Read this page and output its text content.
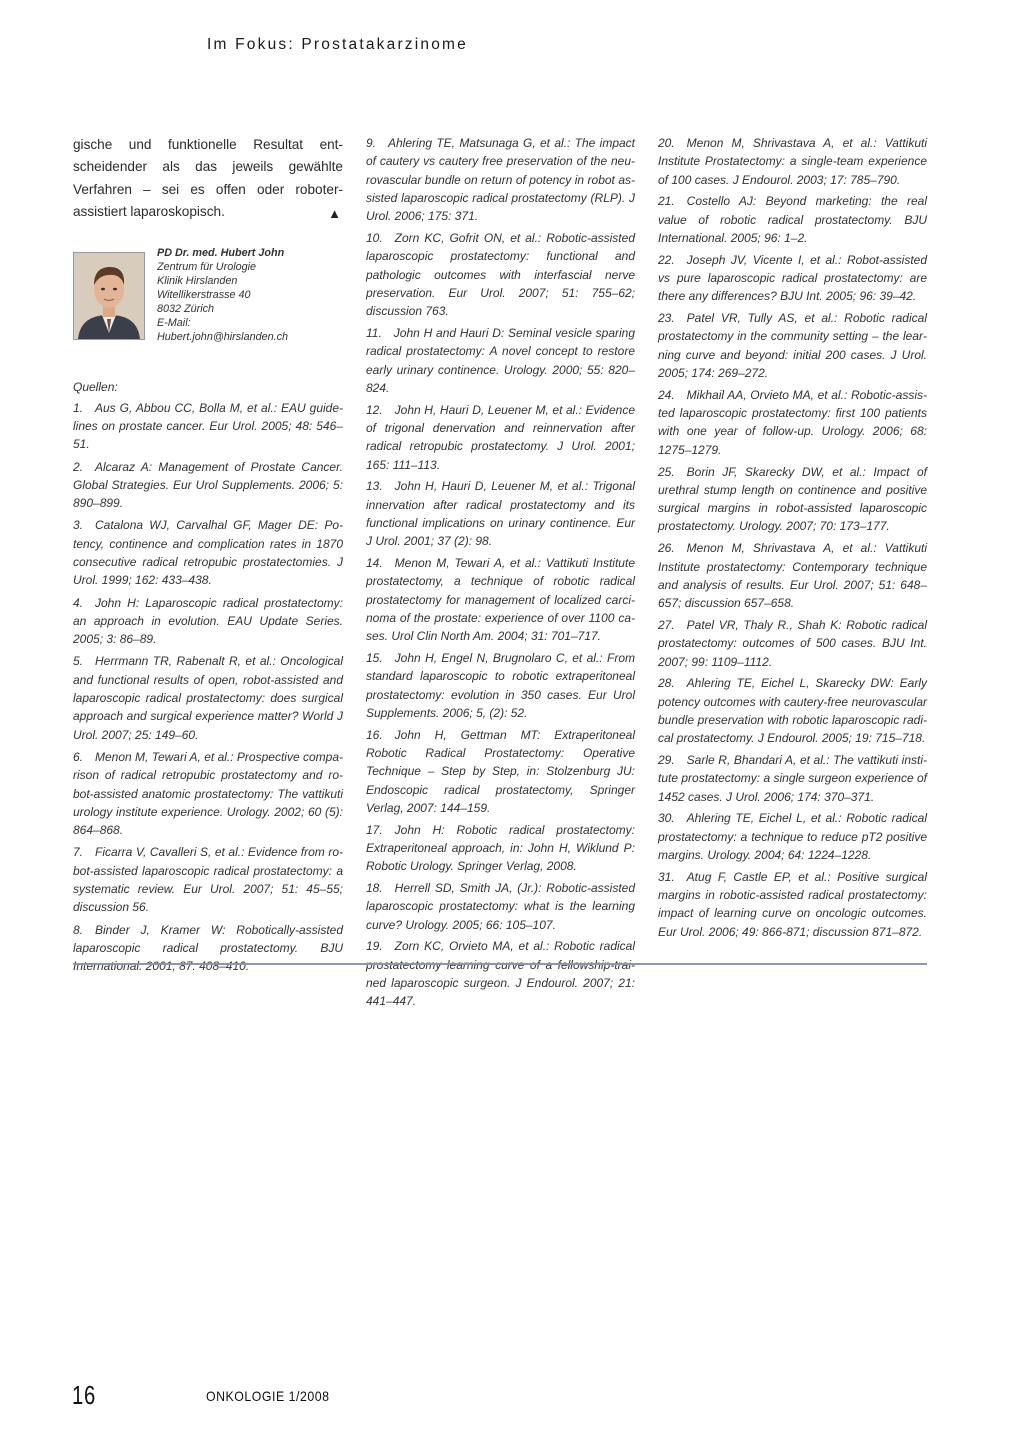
Im Fokus: Prostatakarzinome

gische und funktionelle Resultat entscheidender als das jeweils gewählte Verfahren – sei es offen oder roboter-assistiert laparoskopisch.	▲

PD Dr. med. Hubert John
Zentrum für Urologie
Klinik Hirslanden
Witellikerstrasse 40
8032 Zürich
E-Mail:
Hubert.john@hirslanden.ch
Quellen:

1. Aus G, Abbou CC, Bolla M, et al.: EAU guidelines on prostate cancer. Eur Urol. 2005; 48: 546–51.

2. Alcaraz A: Management of Prostate Cancer. Global Strategies. Eur Urol Supplements. 2006; 5: 890–899.

3. Catalona WJ, Carvalhal GF, Mager DE: Potency, continence and complication rates in 1870 consecutive radical retropubic prostatectomies. J Urol. 1999; 162: 433–438.

4. John H: Laparoscopic radical prostatectomy: an approach in evolution. EAU Update Series. 2005; 3: 86–89.

5. Herrmann TR, Rabenalt R, et al.: Oncological and functional results of open, robot-assisted and laparoscopic radical prostatectomy: does surgical approach and surgical experience matter? World J Urol. 2007; 25: 149–60.

6. Menon M, Tewari A, et al.: Prospective comparison of radical retropubic prostatectomy and robot-assisted anatomic prostatectomy: The vattikuti urology institute experience. Urology. 2002; 60 (5): 864–868.

7. Ficarra V, Cavalleri S, et al.: Evidence from robot-assisted laparoscopic radical prostatectomy: a systematic review. Eur Urol. 2007; 51: 45–55; discussion 56.

8. Binder J, Kramer W: Robotically-assisted laparoscopic radical prostatectomy. BJU International. 2001; 87: 408–410.

9. Ahlering TE, Matsunaga G, et al.: The impact of cautery vs cautery free preservation of the neurovascular bundle on return of potency in robot assisted laparoscopic radical prostatectomy (RLP). J Urol. 2006; 175: 371.

10. Zorn KC, Gofrit ON, et al.: Robotic-assisted laparoscopic prostatectomy: functional and pathologic outcomes with interfascial nerve preservation. Eur Urol. 2007; 51: 755–62; discussion 763.

11. John H and Hauri D: Seminal vesicle sparing radical prostatectomy: A novel concept to restore early urinary continence. Urology. 2000; 55: 820–824.

12. John H, Hauri D, Leuener M, et al.: Evidence of trigonal denervation and reinnervation after radical retropubic prostatectomy. J Urol. 2001; 165: 111–113.

13. John H, Hauri D, Leuener M, et al.: Trigonal innervation after radical prostatectomy and its functional implications on urinary continence. Eur J Urol. 2001; 37 (2): 98.

14. Menon M, Tewari A, et al.: Vattikuti Institute prostatectomy, a technique of robotic radical prostatectomy for management of localized carcinoma of the prostate: experience of over 1100 cases. Urol Clin North Am. 2004; 31: 701–717.

15. John H, Engel N, Brugnolaro C, et al.: From standard laparoscopic to robotic extraperitoneal prostatectomy: evolution in 350 cases. Eur Urol Supplements. 2006; 5, (2): 52.

16. John H, Gettman MT: Extraperitoneal Robotic Radical Prostatectomy: Operative Technique – Step by Step, in: Stolzenburg JU: Endoscopic radical prostatectomy, Springer Verlag, 2007: 144–159.

17. John H: Robotic radical prostatectomy: Extraperitoneal approach, in: John H, Wiklund P: Robotic Urology. Springer Verlag, 2008.

18. Herrell SD, Smith JA, (Jr.): Robotic-assisted laparoscopic prostatectomy: what is the learning curve? Urology. 2005; 66: 105–107.

19. Zorn KC, Orvieto MA, et al.: Robotic radical prostatectomy learning curve of a fellowship-trained laparoscopic surgeon. J Endourol. 2007; 21: 441–447.

20. Menon M, Shrivastava A, et al.: Vattikuti Institute Prostatectomy: a single-team experience of 100 cases. J Endourol. 2003; 17: 785–790.

21. Costello AJ: Beyond marketing: the real value of robotic radical prostatectomy. BJU International. 2005; 96: 1–2.

22. Joseph JV, Vicente I, et al.: Robot-assisted vs pure laparoscopic radical prostatectomy: are there any differences? BJU Int. 2005; 96: 39–42.

23. Patel VR, Tully AS, et al.: Robotic radical prostatectomy in the community setting – the learning curve and beyond: initial 200 cases. J Urol. 2005; 174: 269–272.

24. Mikhail AA, Orvieto MA, et al.: Robotic-assisted laparoscopic prostatectomy: first 100 patients with one year of follow-up. Urology. 2006; 68: 1275–1279.

25. Borin JF, Skarecky DW, et al.: Impact of urethral stump length on continence and positive surgical margins in robot-assisted laparoscopic prostatectomy. Urology. 2007; 70: 173–177.

26. Menon M, Shrivastava A, et al.: Vattikuti Institute prostatectomy: Contemporary technique and analysis of results. Eur Urol. 2007; 51: 648–657; discussion 657–658.

27. Patel VR, Thaly R., Shah K: Robotic radical prostatectomy: outcomes of 500 cases. BJU Int. 2007; 99: 1109–1112.

28. Ahlering TE, Eichel L, Skarecky DW: Early potency outcomes with cautery-free neurovascular bundle preservation with robotic laparoscopic radical prostatectomy. J Endourol. 2005; 19: 715–718.

29. Sarle R, Bhandari A, et al.: The vattikuti institute prostatectomy: a single surgeon experience of 1452 cases. J Urol. 2006; 174: 370–371.

30. Ahlering TE, Eichel L, et al.: Robotic radical prostatectomy: a technique to reduce pT2 positive margins. Urology. 2004; 64: 1224–1228.

31. Atug F, Castle EP, et al.: Positive surgical margins in robotic-assisted radical prostatectomy: impact of learning curve on oncologic outcomes. Eur Urol. 2006; 49: 866-871; discussion 871–872.

16	ONKOLOGIE 1/2008
